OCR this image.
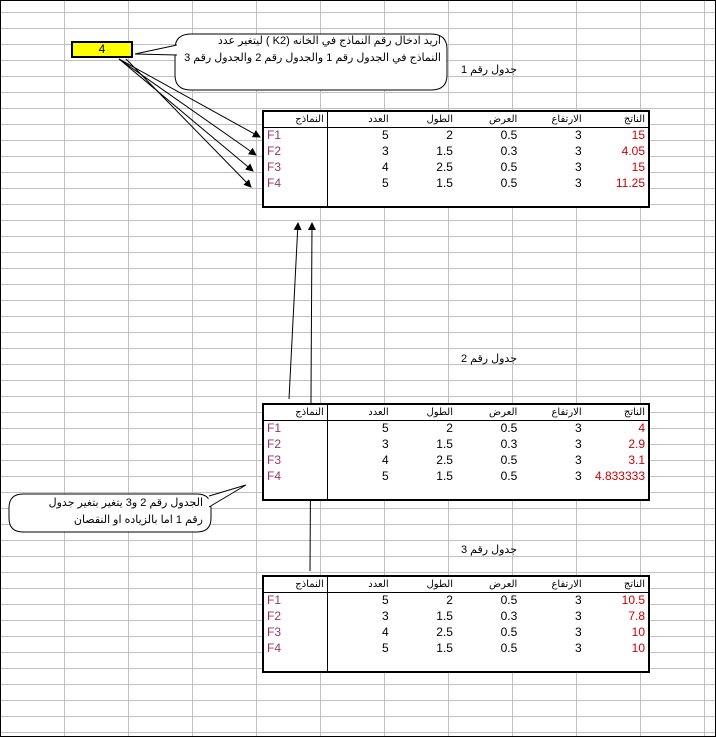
4
اريد ادخال رقم النماذج في الخانه (K2 ) ليتغير عدد
النماذج في الجدول رقم 1 والجدول رقم 2 والجدول رقم 3
الجدول رقم 2 و3 يتغير بتغير جدول
رقم 1 اما بالزياده او النقصان
جدول رقم 1
جدول رقم 2
جدول رقم 3
النماذج	العدد	الطول	العرض	الارتفاع	الناتج
F1	5	2	0.5	3	15
F2	3	1.5	0.3	3	4.05
F3	4	2.5	0.5	3	15
F4	5	1.5	0.5	3	11.25

النماذج	العدد	الطول	العرض	الارتفاع	الناتج
F1	5	2	0.5	3	4
F2	3	1.5	0.3	3	2.9
F3	4	2.5	0.5	3	3.1
F4	5	1.5	0.5	3	4.833333

النماذج	العدد	الطول	العرض	الارتفاع	الناتج
F1	5	2	0.5	3	10.5
F2	3	1.5	0.3	3	7.8
F3	4	2.5	0.5	3	10
F4	5	1.5	0.5	3	10
